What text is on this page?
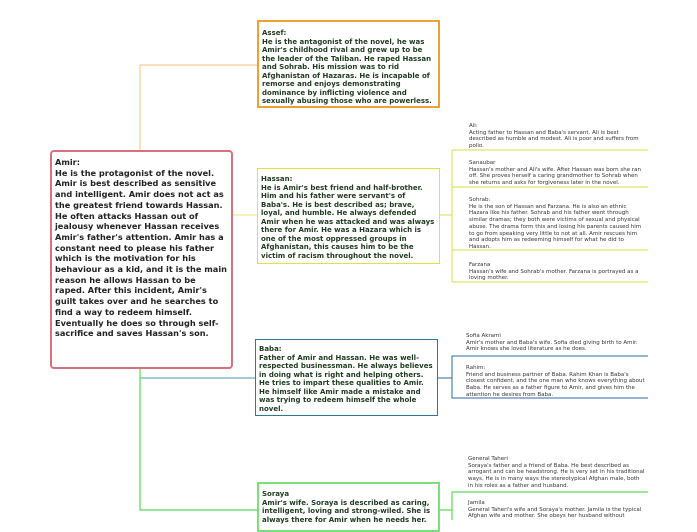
Amir:
He is the protagonist of the novel. Amir is best described as sensitive and intelligent. Amir does not act as the greatest friend towards Hassan. He often attacks Hassan out of jealousy whenever Hassan receives Amir's father's attention. Amir has a constant need to please his father which is the motivation for his behaviour as a kid, and it is the main reason he allows Hassan to be raped. After this incident, Amir's guilt takes over and he searches to find a way to redeem himself. Eventually he does so through self-sacrifice and saves Hassan's son.
Assef:
He is the antagonist of the novel, he was Amir's childhood rival and grew up to be the leader of the Taliban. He raped Hassan and Sohrab. His mission was to rid Afghanistan of Hazaras. He is incapable of remorse and enjoys demonstrating dominance by inflicting violence and sexually abusing those who are powerless.
Hassan:
He is Amir's best friend and half-brother. Him and his father were servant's of Baba's. He is best described as; brave, loyal, and humble. He always defended Amir when he was attacked and was always there for Amir. He was a Hazara which is one of the most oppressed groups in Afghanistan, this causes him to be the victim of racism throughout the novel.
Baba:
Father of Amir and Hassan. He was well-respected businessman. He always believes in doing what is right and helping others. He tries to impart these qualities to Amir. He himself like Amir made a mistake and was trying to redeem himself the whole novel.
Soraya
Amir's wife. Soraya is described as caring, intelligent, loving and strong-wiled. She is always there for Amir when he needs her.
Ali:
Acting father to Hassan and Baba's servant. Ali is best described as humble and modest. Ali is poor and suffers from polio.
Sanaubar
Hassan's mother and Ali's wife. After Hassan was born she ran off. She proves herself a caring grandmother to Sohrab when she returns and asks for forgiveness later in the novel.
Sohrab:
He is the son of Hassan and Farzana. He is also an ethnic Hazara like his father. Sohrab and his father went through similar dramas; they both were victims of sexual and physical abuse. The drama form this and losing his parents caused him to go from speaking very little to not at all. Amir rescues him and adopts him as redeeming himself for what he did to Hassan.
Farzana
Hassan's wife and Sohrab's mother. Farzana is portrayed as a loving mother.
Sofia Akrami
Amir's mother and Baba's wife. Sofia died giving birth to Amir. Amir knows she loved literature as he does.
Rahim:
Friend and business partner of Baba. Rahim Khan is Baba's closest confident, and the one man who knows everything about Baba. He serves as a father figure to Amir, and gives him the attention he desires from Baba.
General Taheri
Soraya's father and a friend of Baba. He best described as arrogant and can be headstrong. He is very set in his traditional ways. He is in many ways the stereotypical Afghan male, both in his roles as a father and husband.
Jamila
General Taheri's wife and Soraya's mother. Jamila is the typical Afghan wife and mother. She obeys her husband without
